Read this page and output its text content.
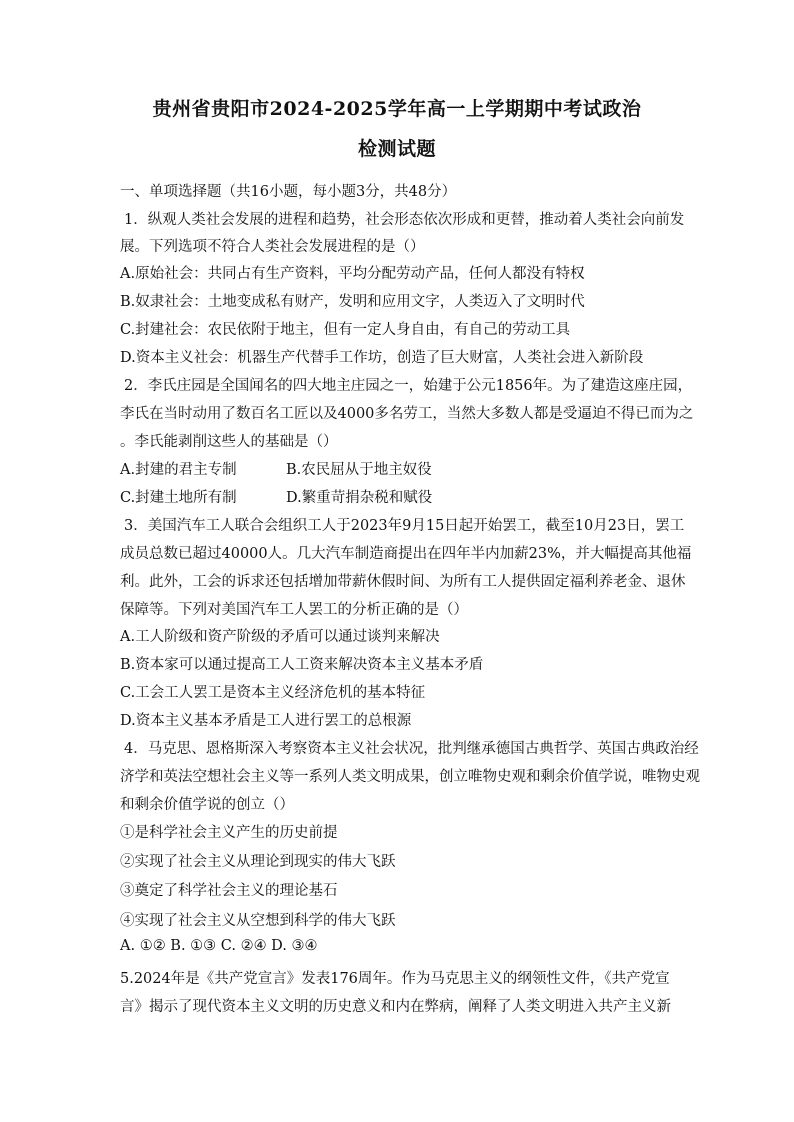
贵州省贵阳市2024-2025学年高一上学期期中考试政治
检测试题
一、单项选择题（共16小题，每小题3分，共48分）
1．纵观人类社会发展的进程和趋势，社会形态依次形成和更替，推动着人类社会向前发
展。下列选项不符合人类社会发展进程的是（）
A.原始社会：共同占有生产资料，平均分配劳动产品，任何人都没有特权
B.奴隶社会：土地变成私有财产，发明和应用文字，人类迈入了文明时代
C.封建社会：农民依附于地主，但有一定人身自由，有自己的劳动工具
D.资本主义社会：机器生产代替手工作坊，创造了巨大财富，人类社会进入新阶段
2．李氏庄园是全国闻名的四大地主庄园之一，始建于公元1856年。为了建造这座庄园，
李氏在当时动用了数百名工匠以及4000多名劳工，当然大多数人都是受逼迫不得已而为之
。李氏能剥削这些人的基础是（）
A.封建的君主专制	B.农民屈从于地主奴役
C.封建土地所有制	D.繁重苛捐杂税和赋役
3．美国汽车工人联合会组织工人于2023年9月15日起开始罢工，截至10月23日，罢工
成员总数已超过40000人。几大汽车制造商提出在四年半内加薪23%，并大幅提高其他福
利。此外，工会的诉求还包括增加带薪休假时间、为所有工人提供固定福利养老金、退休
保障等。下列对美国汽车工人罢工的分析正确的是（）
A.工人阶级和资产阶级的矛盾可以通过谈判来解决
B.资本家可以通过提高工人工资来解决资本主义基本矛盾
C.工会工人罢工是资本主义经济危机的基本特征
D.资本主义基本矛盾是工人进行罢工的总根源
4．马克思、恩格斯深入考察资本主义社会状况，批判继承德国古典哲学、英国古典政治经
济学和英法空想社会主义等一系列人类文明成果，创立唯物史观和剩余价值学说，唯物史观
和剩余价值学说的创立（）
①是科学社会主义产生的历史前提
②实现了社会主义从理论到现实的伟大飞跃
③奠定了科学社会主义的理论基石
④实现了社会主义从空想到科学的伟大飞跃
A. ①② B. ①③ C. ②④ D. ③④
5.2024年是《共产党宣言》发表176周年。作为马克思主义的纲领性文件，《共产党宣
言》揭示了现代资本主义文明的历史意义和内在弊病，阐释了人类文明进入共产主义新
